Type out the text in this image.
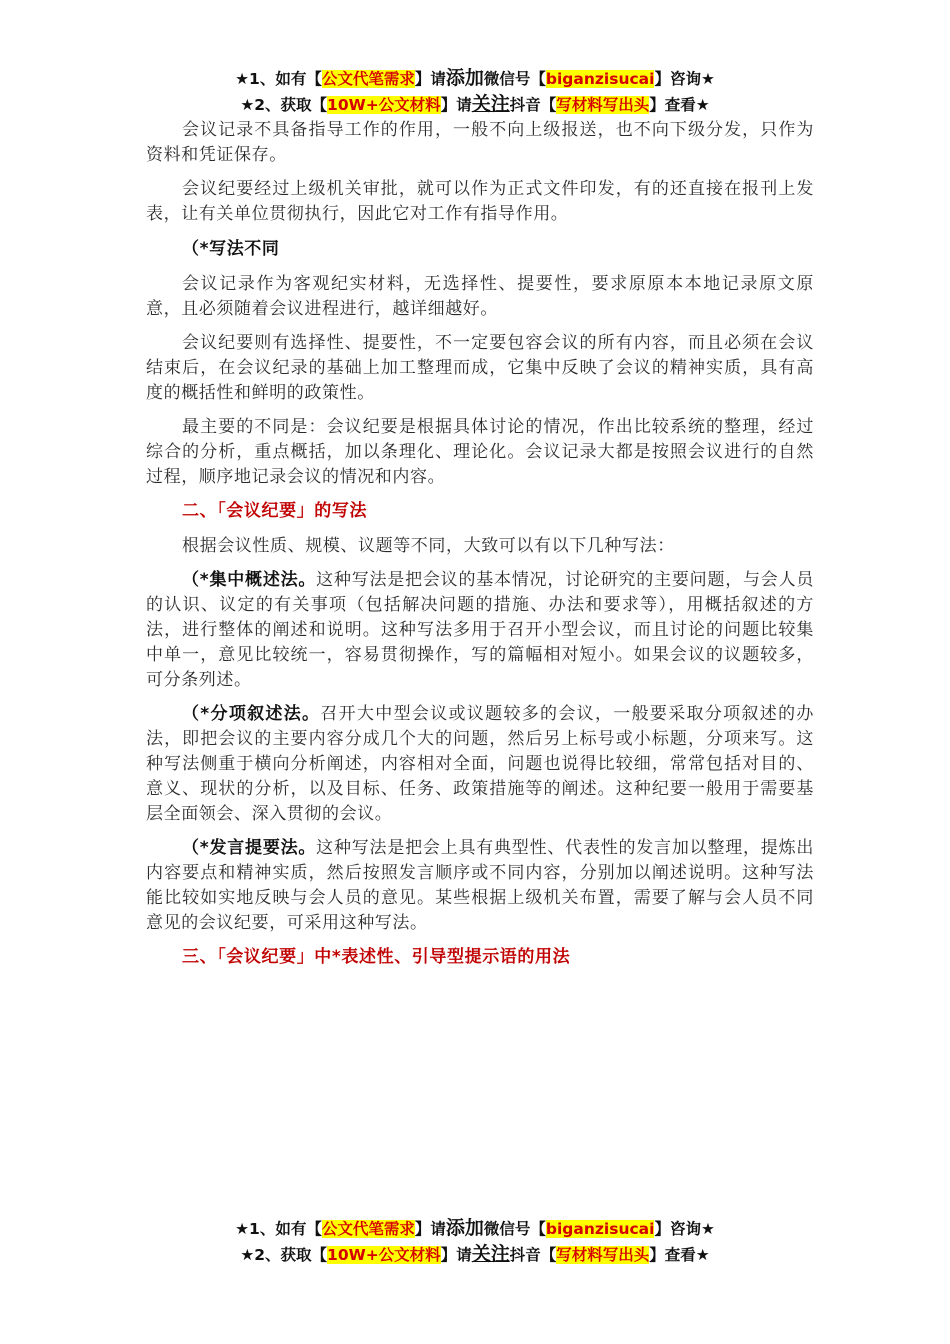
★1、如有【公文代笔需求】请添加微信号【biganzisucai】咨询★
★2、获取【10W+公文材料】请关注抖音【写材料写出头】查看★

会议记录不具备指导工作的作用，一般不向上级报送，也不向下级分发，只作为资料和凭证保存。

会议纪要经过上级机关审批，就可以作为正式文件印发，有的还直接在报刊上发表，让有关单位贯彻执行，因此它对工作有指导作用。

（*写法不同

会议记录作为客观纪实材料，无选择性、提要性，要求原原本本地记录原文原意，且必须随着会议进程进行，越详细越好。

会议纪要则有选择性、提要性，不一定要包容会议的所有内容，而且必须在会议结束后，在会议纪录的基础上加工整理而成，它集中反映了会议的精神实质，具有高度的概括性和鲜明的政策性。

最主要的不同是：会议纪要是根据具体讨论的情况，作出比较系统的整理，经过综合的分析，重点概括，加以条理化、理论化。会议记录大都是按照会议进行的自然过程，顺序地记录会议的情况和内容。

二、「会议纪要」的写法

根据会议性质、规模、议题等不同，大致可以有以下几种写法：

（*集中概述法。这种写法是把会议的基本情况，讨论研究的主要问题，与会人员的认识、议定的有关事项（包括解决问题的措施、办法和要求等），用概括叙述的方法，进行整体的阐述和说明。这种写法多用于召开小型会议，而且讨论的问题比较集中单一，意见比较统一，容易贯彻操作，写的篇幅相对短小。如果会议的议题较多，可分条列述。

（*分项叙述法。召开大中型会议或议题较多的会议，一般要采取分项叙述的办法，即把会议的主要内容分成几个大的问题，然后另上标号或小标题，分项来写。这种写法侧重于横向分析阐述，内容相对全面，问题也说得比较细，常常包括对目的、意义、现状的分析，以及目标、任务、政策措施等的阐述。这种纪要一般用于需要基层全面领会、深入贯彻的会议。

（*发言提要法。这种写法是把会上具有典型性、代表性的发言加以整理，提炼出内容要点和精神实质，然后按照发言顺序或不同内容，分别加以阐述说明。这种写法能比较如实地反映与会人员的意见。某些根据上级机关布置，需要了解与会人员不同意见的会议纪要，可采用这种写法。

三、「会议纪要」中*表述性、引导型提示语的用法

★1、如有【公文代笔需求】请添加微信号【biganzisucai】咨询★
★2、获取【10W+公文材料】请关注抖音【写材料写出头】查看★
